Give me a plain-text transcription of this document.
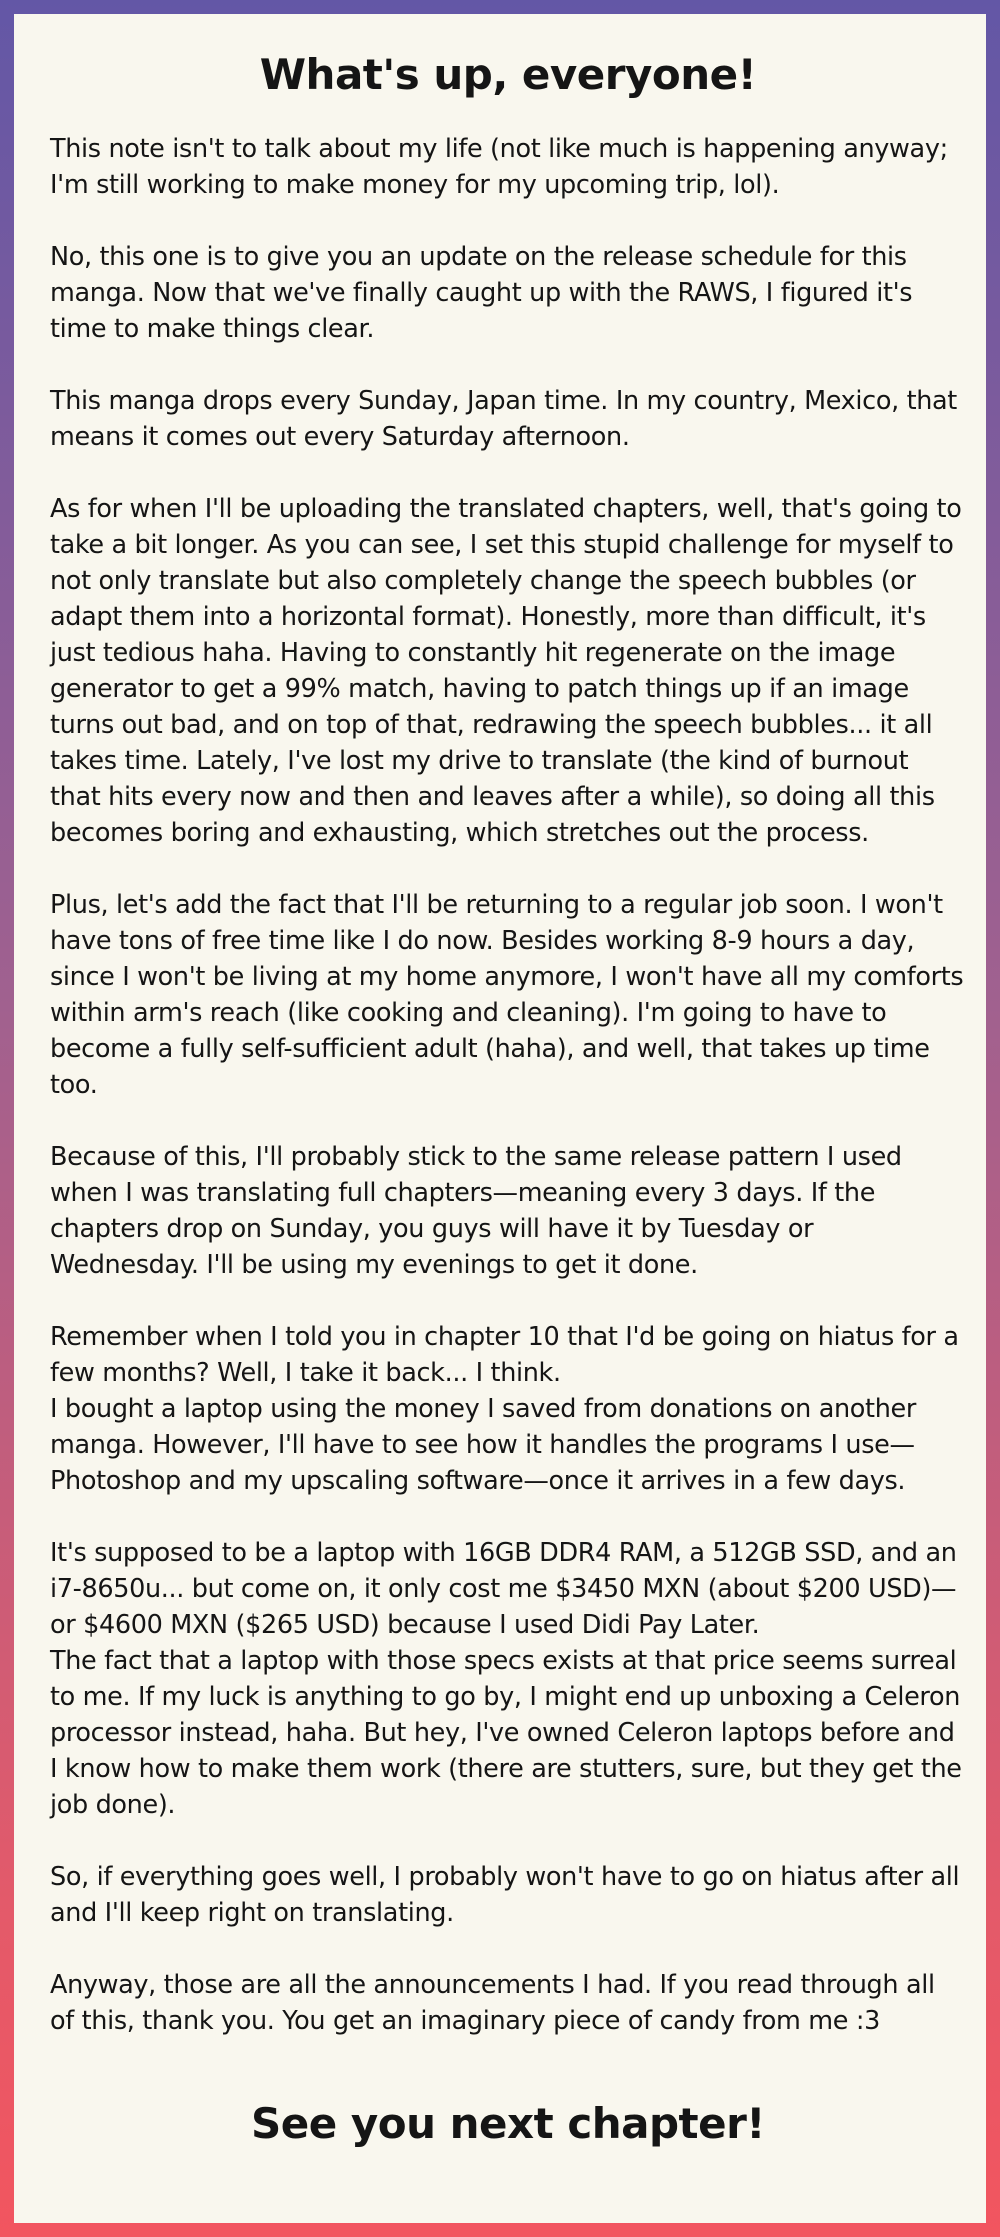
What's up, everyone!

This note isn't to talk about my life (not like much is happening anyway; I'm still working to make money for my upcoming trip, lol).

No, this one is to give you an update on the release schedule for this manga. Now that we've finally caught up with the RAWS, I figured it's time to make things clear.

This manga drops every Sunday, Japan time. In my country, Mexico, that means it comes out every Saturday afternoon.

As for when I'll be uploading the translated chapters, well, that's going to take a bit longer. As you can see, I set this stupid challenge for myself to not only translate but also completely change the speech bubbles (or adapt them into a horizontal format). Honestly, more than difficult, it's just tedious haha. Having to constantly hit regenerate on the image generator to get a 99% match, having to patch things up if an image turns out bad, and on top of that, redrawing the speech bubbles... it all takes time. Lately, I've lost my drive to translate (the kind of burnout that hits every now and then and leaves after a while), so doing all this becomes boring and exhausting, which stretches out the process.

Plus, let's add the fact that I'll be returning to a regular job soon. I won't have tons of free time like I do now. Besides working 8-9 hours a day, since I won't be living at my home anymore, I won't have all my comforts within arm's reach (like cooking and cleaning). I'm going to have to become a fully self-sufficient adult (haha), and well, that takes up time too.

Because of this, I'll probably stick to the same release pattern I used when I was translating full chapters—meaning every 3 days. If the chapters drop on Sunday, you guys will have it by Tuesday or Wednesday. I'll be using my evenings to get it done.

Remember when I told you in chapter 10 that I'd be going on hiatus for a few months? Well, I take it back... I think.
I bought a laptop using the money I saved from donations on another manga. However, I'll have to see how it handles the programs I use—Photoshop and my upscaling software—once it arrives in a few days.

It's supposed to be a laptop with 16GB DDR4 RAM, a 512GB SSD, and an i7-8650u... but come on, it only cost me $3450 MXN (about $200 USD)—or $4600 MXN ($265 USD) because I used Didi Pay Later.
The fact that a laptop with those specs exists at that price seems surreal to me. If my luck is anything to go by, I might end up unboxing a Celeron processor instead, haha. But hey, I've owned Celeron laptops before and I know how to make them work (there are stutters, sure, but they get the job done).

So, if everything goes well, I probably won't have to go on hiatus after all and I'll keep right on translating.

Anyway, those are all the announcements I had. If you read through all of this, thank you. You get an imaginary piece of candy from me :3

See you next chapter!
